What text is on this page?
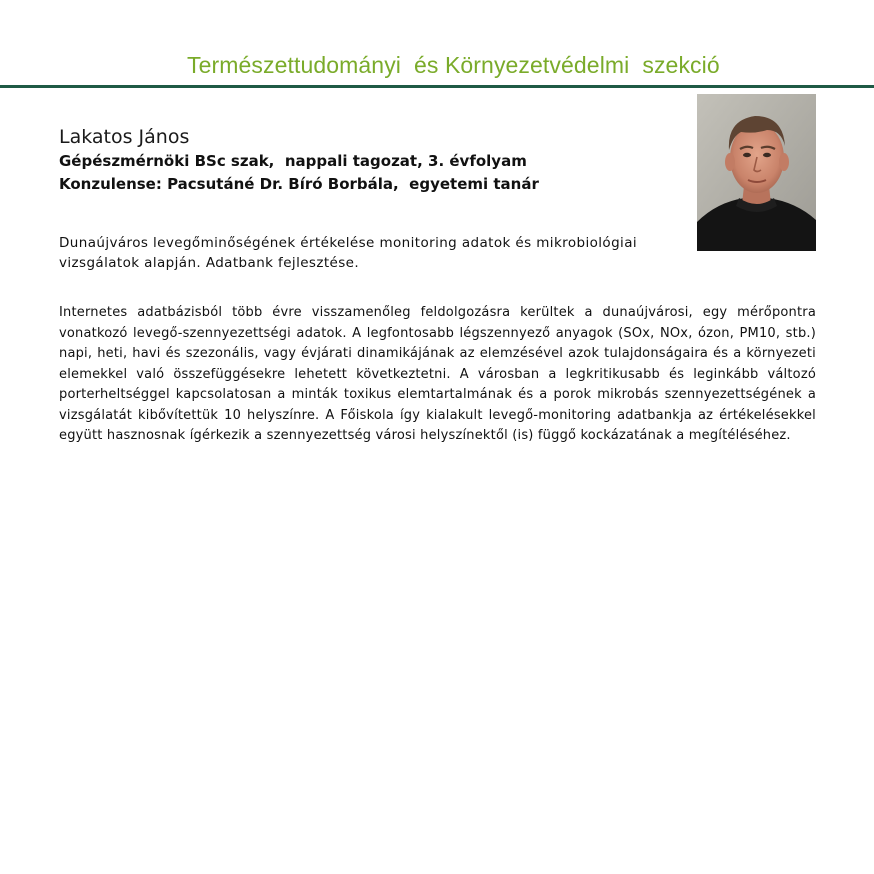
Természettudományi  és Környezetvédelmi  szekció
Lakatos János
Gépészmérnöki BSc szak,  nappali tagozat, 3. évfolyam
Konzulense: Pacsutáné Dr. Bíró Borbála,  egyetemi tanár
Dunaújváros levegőminőségének értékelése monitoring adatok és mikrobiológiai vizsgálatok alapján. Adatbank fejlesztése.
Internetes adatbázisból több évre visszamenőleg feldolgozásra kerültek a dunaújvárosi, egy mérőpontra vonatkozó levegő-szennyezettségi adatok. A legfontosabb légszennyező anyagok (SOx, NOx, ózon, PM10, stb.) napi, heti, havi és szezonális, vagy évjárati dinamikájának az elemzésével azok tulajdonságaira és a környezeti elemekkel való összefüggésekre lehetett következtetni. A városban a legkritikusabb és leginkább változó porterheltséggel kapcsolatosan a minták toxikus elemtartalmának és a porok mikrobás szennyezettségének a vizsgálatát kibővítettük 10 helyszínre. A Főiskola így kialakult levegő-monitoring adatbankja az értékelésekkel együtt hasznosnak ígérkezik a szennyezettség városi helyszínektől (is) függő kockázatának a megítéléséhez.
